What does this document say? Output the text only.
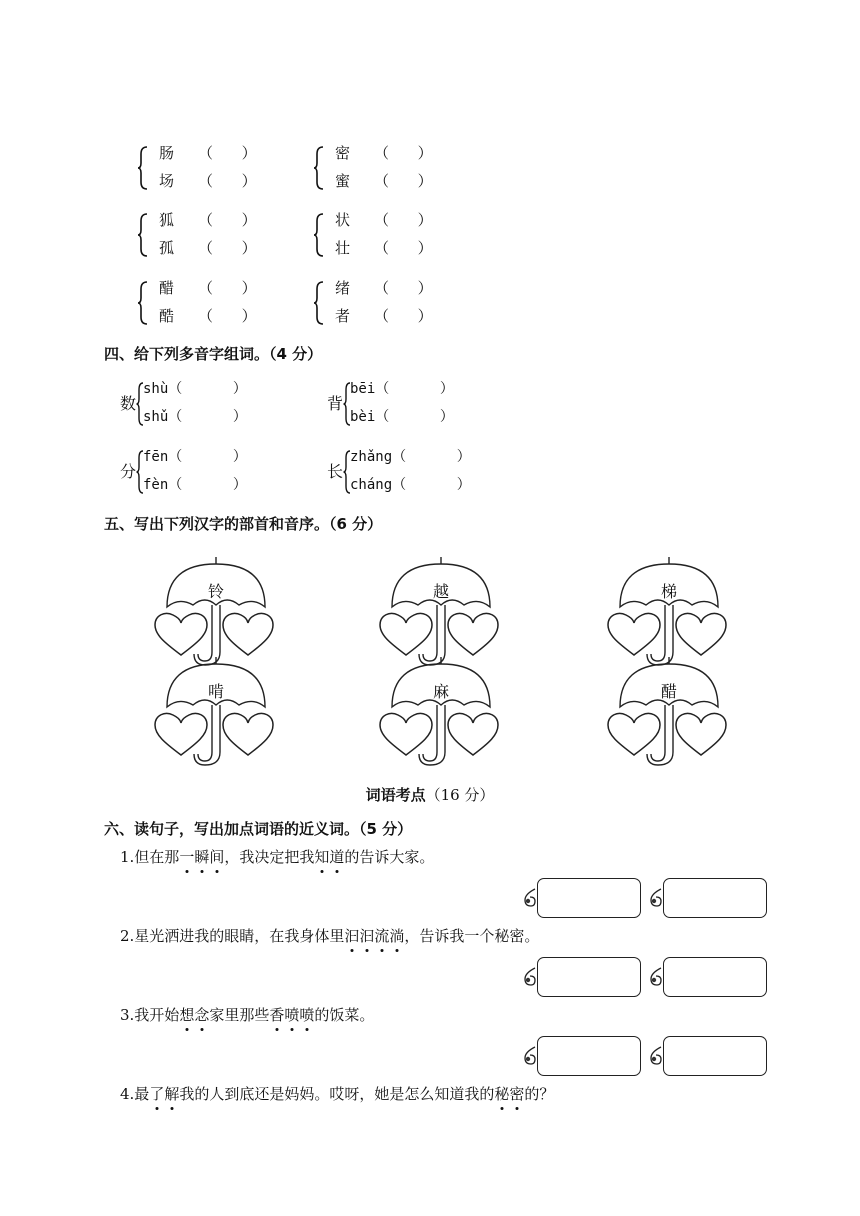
肠 （      ）
场 （      ）
狐 （      ）
孤 （      ）
醋 （      ）
酷 （      ）
密 （      ）
蜜 （      ）
状 （      ）
壮 （      ）
绪 （      ）
者 （      ）
四、给下列多音字组词。（4 分）
数
shù（      ）
shǔ（      ）
背
bēi（      ）
bèi（      ）
分
fēn（      ）
fèn（      ）
长
zhǎng（      ）
cháng（      ）
五、写出下列汉字的部首和音序。（6 分）
铃	越	梯
啃	麻	醋
词语考点（16 分）
六、读句子，写出加点词语的近义词。（5 分）
1.但在那一瞬间，我决定把我知道的告诉大家。
2.星光洒进我的眼睛，在我身体里汩汩流淌，告诉我一个秘密。
3.我开始想念家里那些香喷喷的饭菜。
4.最了解我的人到底还是妈妈。哎呀，她是怎么知道我的秘密的？
